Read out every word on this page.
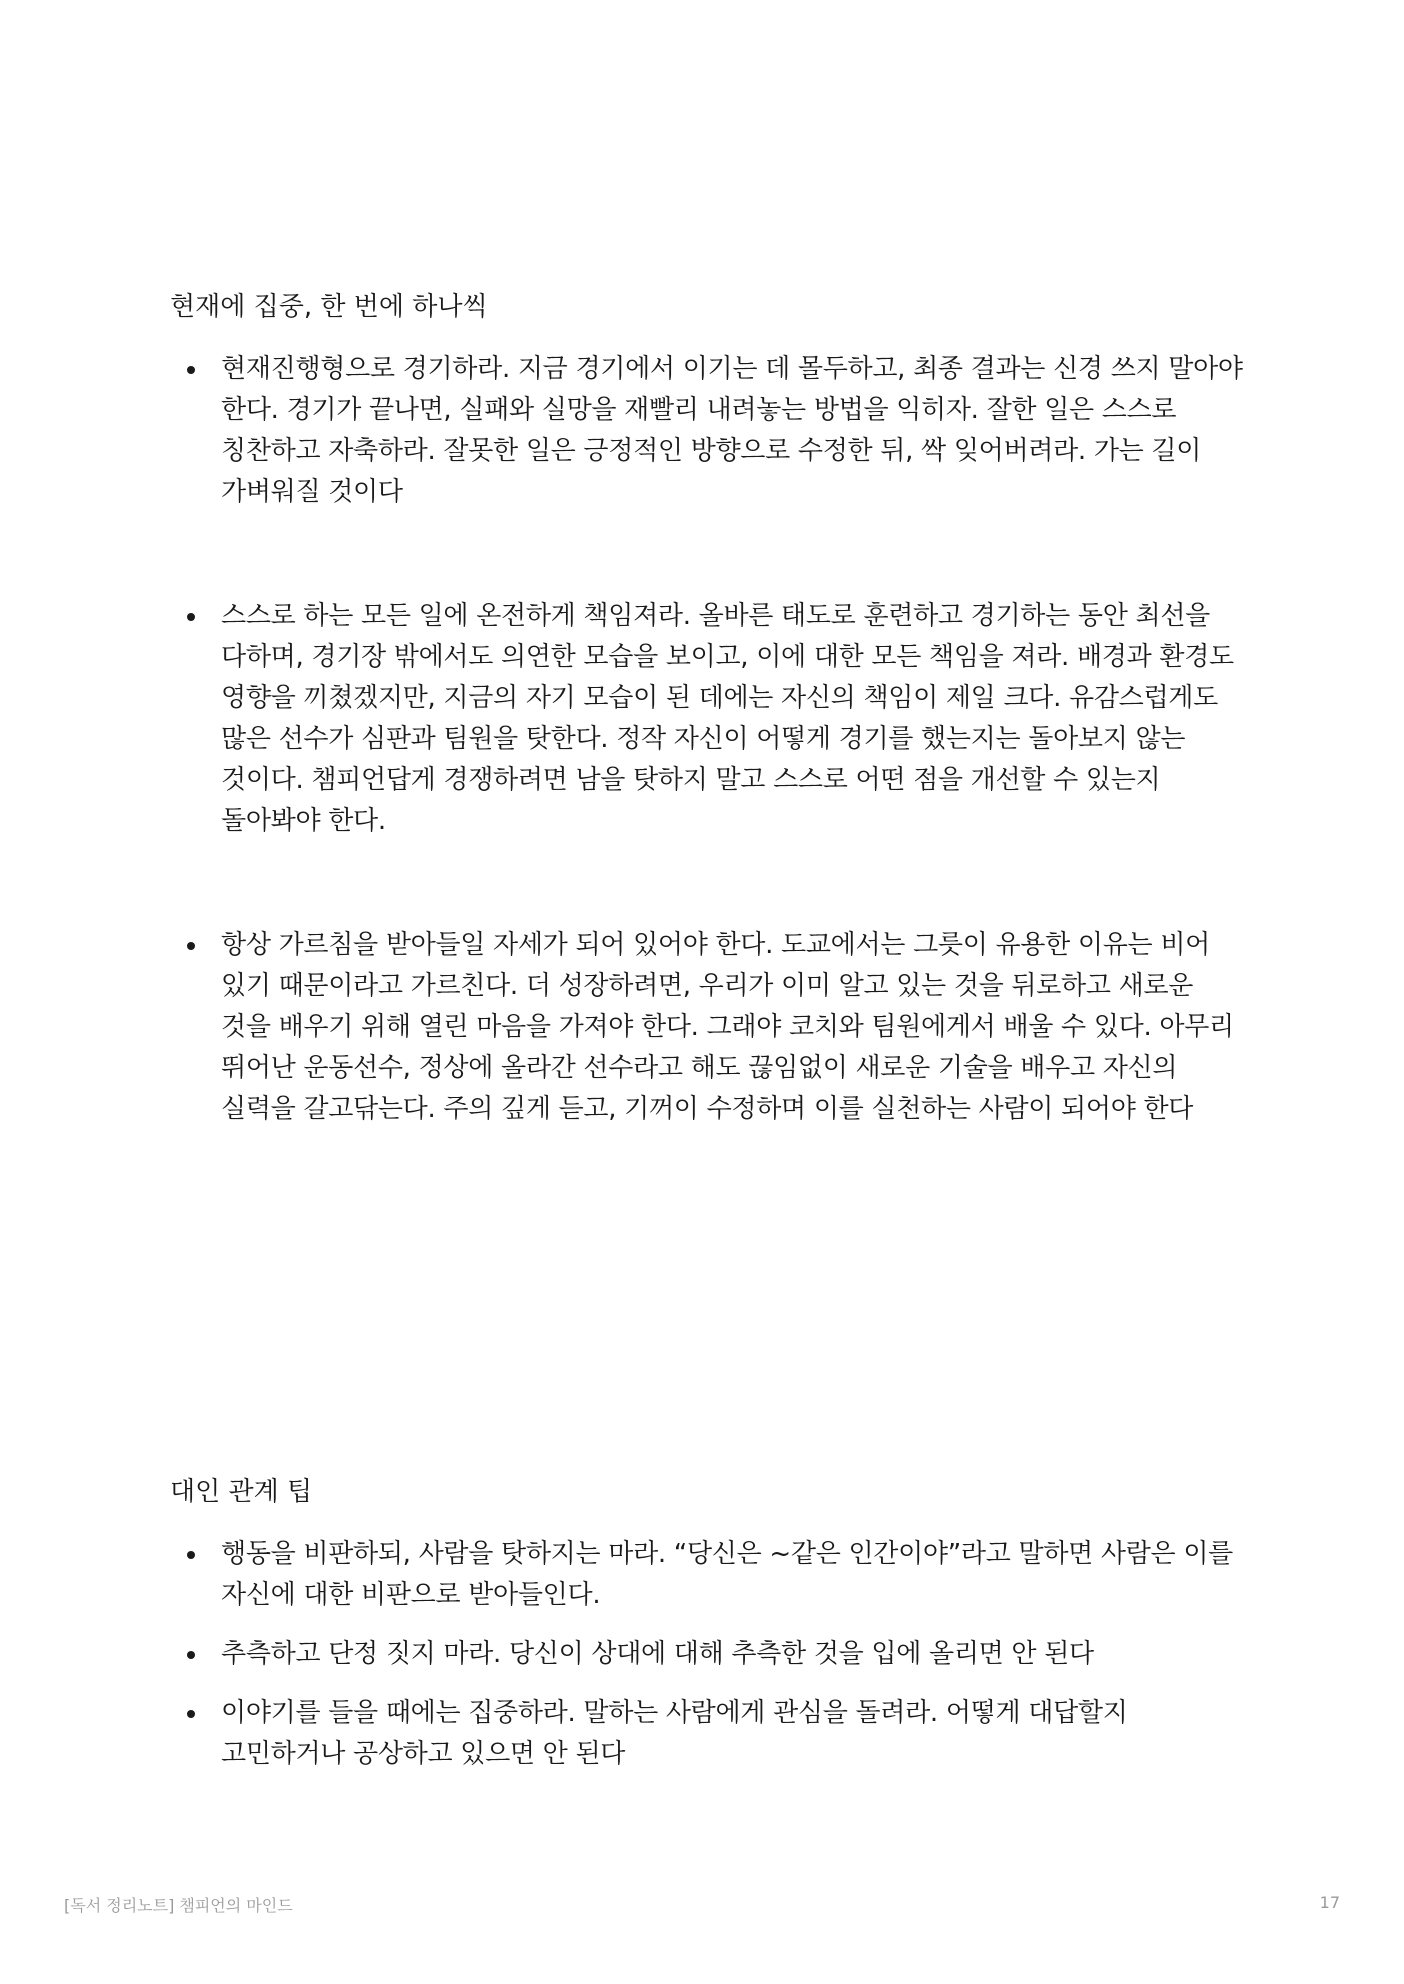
현재에 집중, 한 번에 하나씩
현재진행형으로 경기하라. 지금 경기에서 이기는 데 몰두하고, 최종 결과는 신경 쓰지 말아야 한다. 경기가 끝나면, 실패와 실망을 재빨리 내려놓는 방법을 익히자. 잘한 일은 스스로 칭찬하고 자축하라. 잘못한 일은 긍정적인 방향으로 수정한 뒤, 싹 잊어버려라. 가는 길이 가벼워질 것이다
스스로 하는 모든 일에 온전하게 책임져라. 올바른 태도로 훈련하고 경기하는 동안 최선을 다하며, 경기장 밖에서도 의연한 모습을 보이고, 이에 대한 모든 책임을 져라. 배경과 환경도 영향을 끼쳤겠지만, 지금의 자기 모습이 된 데에는 자신의 책임이 제일 크다. 유감스럽게도 많은 선수가 심판과 팀원을 탓한다. 정작 자신이 어떻게 경기를 했는지는 돌아보지 않는 것이다. 챔피언답게 경쟁하려면 남을 탓하지 말고 스스로 어떤 점을 개선할 수 있는지 돌아봐야 한다.
항상 가르침을 받아들일 자세가 되어 있어야 한다. 도교에서는 그릇이 유용한 이유는 비어 있기 때문이라고 가르친다. 더 성장하려면, 우리가 이미 알고 있는 것을 뒤로하고 새로운 것을 배우기 위해 열린 마음을 가져야 한다. 그래야 코치와 팀원에게서 배울 수 있다. 아무리 뛰어난 운동선수, 정상에 올라간 선수라고 해도 끊임없이 새로운 기술을 배우고 자신의 실력을 갈고닦는다. 주의 깊게 듣고, 기꺼이 수정하며 이를 실천하는 사람이 되어야 한다
대인 관계 팁
행동을 비판하되, 사람을 탓하지는 마라. “당신은 ~같은 인간이야”라고 말하면 사람은 이를 자신에 대한 비판으로 받아들인다.
추측하고 단정 짓지 마라. 당신이 상대에 대해 추측한 것을 입에 올리면 안 된다
이야기를 들을 때에는 집중하라. 말하는 사람에게 관심을 돌려라. 어떻게 대답할지 고민하거나 공상하고 있으면 안 된다

[독서 정리노트] 챔피언의 마인드	17
